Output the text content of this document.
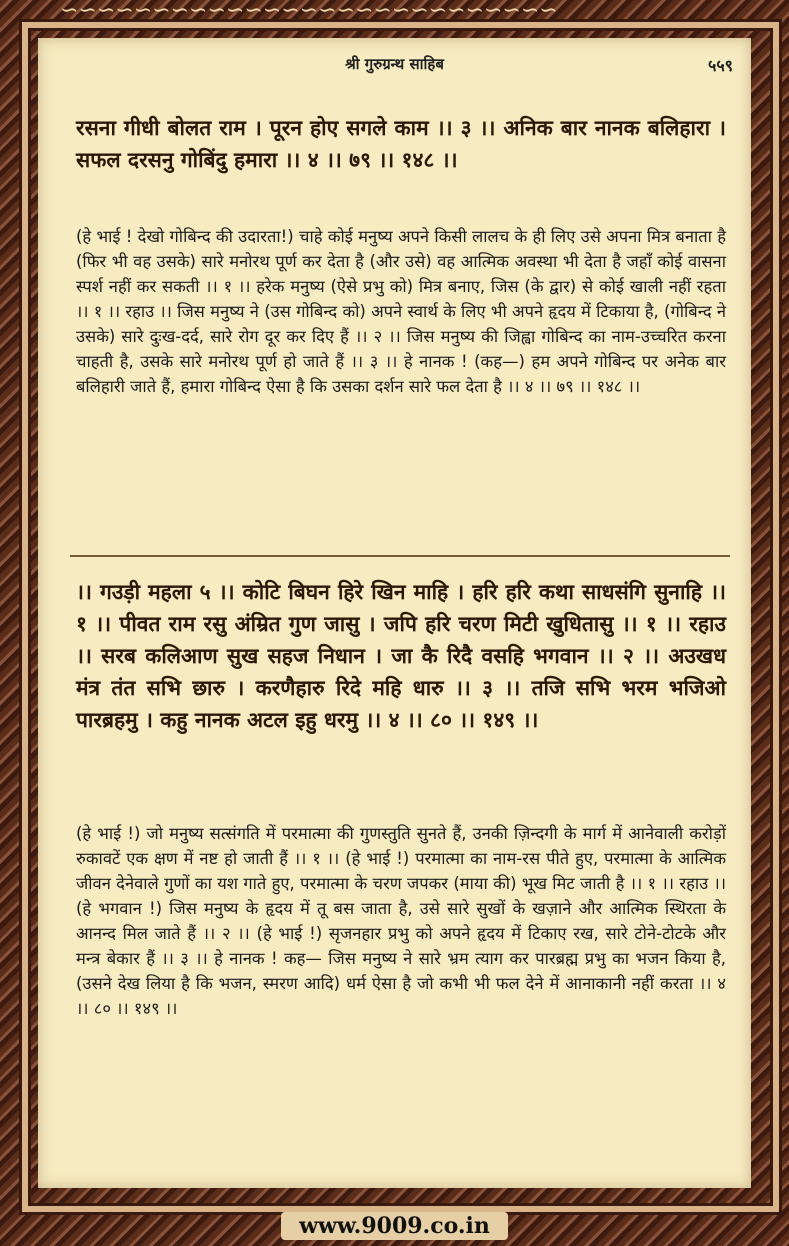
∽∽∽∽∽∽∽∽∽∽∽∽∽∽∽∽∽∽∽∽∽∽∽∽∽∽∽
श्री गुरुग्रन्थ साहिब	५५९
रसना गीधी बोलत राम । पूरन होए सगले काम ।। ३ ।। अनिक बार नानक बलिहारा । सफल दरसनु गोबिंदु हमारा ।। ४ ।। ७९ ।। १४८ ।।
(हे भाई ! देखो गोबिन्द की उदारता!) चाहे कोई मनुष्य अपने किसी लालच के ही लिए उसे अपना मित्र बनाता है (फिर भी वह उसके) सारे मनोरथ पूर्ण कर देता है (और उसे) वह आत्मिक अवस्था भी देता है जहाँ कोई वासना स्पर्श नहीं कर सकती ।। १ ।। हरेक मनुष्य (ऐसे प्रभु को) मित्र बनाए, जिस (के द्वार) से कोई खाली नहीं रहता ।। १ ।। रहाउ ।। जिस मनुष्य ने (उस गोबिन्द को) अपने स्वार्थ के लिए भी अपने हृदय में टिकाया है, (गोबिन्द ने उसके) सारे दुःख-दर्द, सारे रोग दूर कर दिए हैं ।। २ ।। जिस मनुष्य की जिह्वा गोबिन्द का नाम-उच्चरित करना चाहती है, उसके सारे मनोरथ पूर्ण हो जाते हैं ।। ३ ।। हे नानक ! (कह—) हम अपने गोबिन्द पर अनेक बार बलिहारी जाते हैं, हमारा गोबिन्द ऐसा है कि उसका दर्शन सारे फल देता है ।। ४ ।। ७९ ।। १४८ ।।
।। गउड़ी महला ५ ।। कोटि बिघन हिरे खिन माहि । हरि हरि कथा साधसंगि सुनाहि ।। १ ।। पीवत राम रसु अंम्रित गुण जासु । जपि हरि चरण मिटी खुधितासु ।। १ ।। रहाउ ।। सरब कलिआण सुख सहज निधान । जा कै रिदै वसहि भगवान ।। २ ।। अउखध मंत्र तंत सभि छारु । करणैहारु रिदे महि धारु ।। ३ ।। तजि सभि भरम भजिओ पारब्रहमु । कहु नानक अटल इहु धरमु ।। ४ ।। ८० ।। १४९ ।।
(हे भाई !) जो मनुष्य सत्संगति में परमात्मा की गुणस्तुति सुनते हैं, उनकी ज़िन्दगी के मार्ग में आनेवाली करोड़ों रुकावटें एक क्षण में नष्ट हो जाती हैं ।। १ ।। (हे भाई !) परमात्मा का नाम-रस पीते हुए, परमात्मा के आत्मिक जीवन देनेवाले गुणों का यश गाते हुए, परमात्मा के चरण जपकर (माया की) भूख मिट जाती है ।। १ ।। रहाउ ।। (हे भगवान !) जिस मनुष्य के हृदय में तू बस जाता है, उसे सारे सुखों के खज़ाने और आत्मिक स्थिरता के आनन्द मिल जाते हैं ।। २ ।। (हे भाई !) सृजनहार प्रभु को अपने हृदय में टिकाए रख, सारे टोने-टोटके और मन्त्र बेकार हैं ।। ३ ।। हे नानक ! कह— जिस मनुष्य ने सारे भ्रम त्याग कर पारब्रह्म प्रभु का भजन किया है, (उसने देख लिया है कि भजन, स्मरण आदि) धर्म ऐसा है जो कभी भी फल देने में आनाकानी नहीं करता ।। ४ ।। ८० ।। १४९ ।।
www.9009.co.in
